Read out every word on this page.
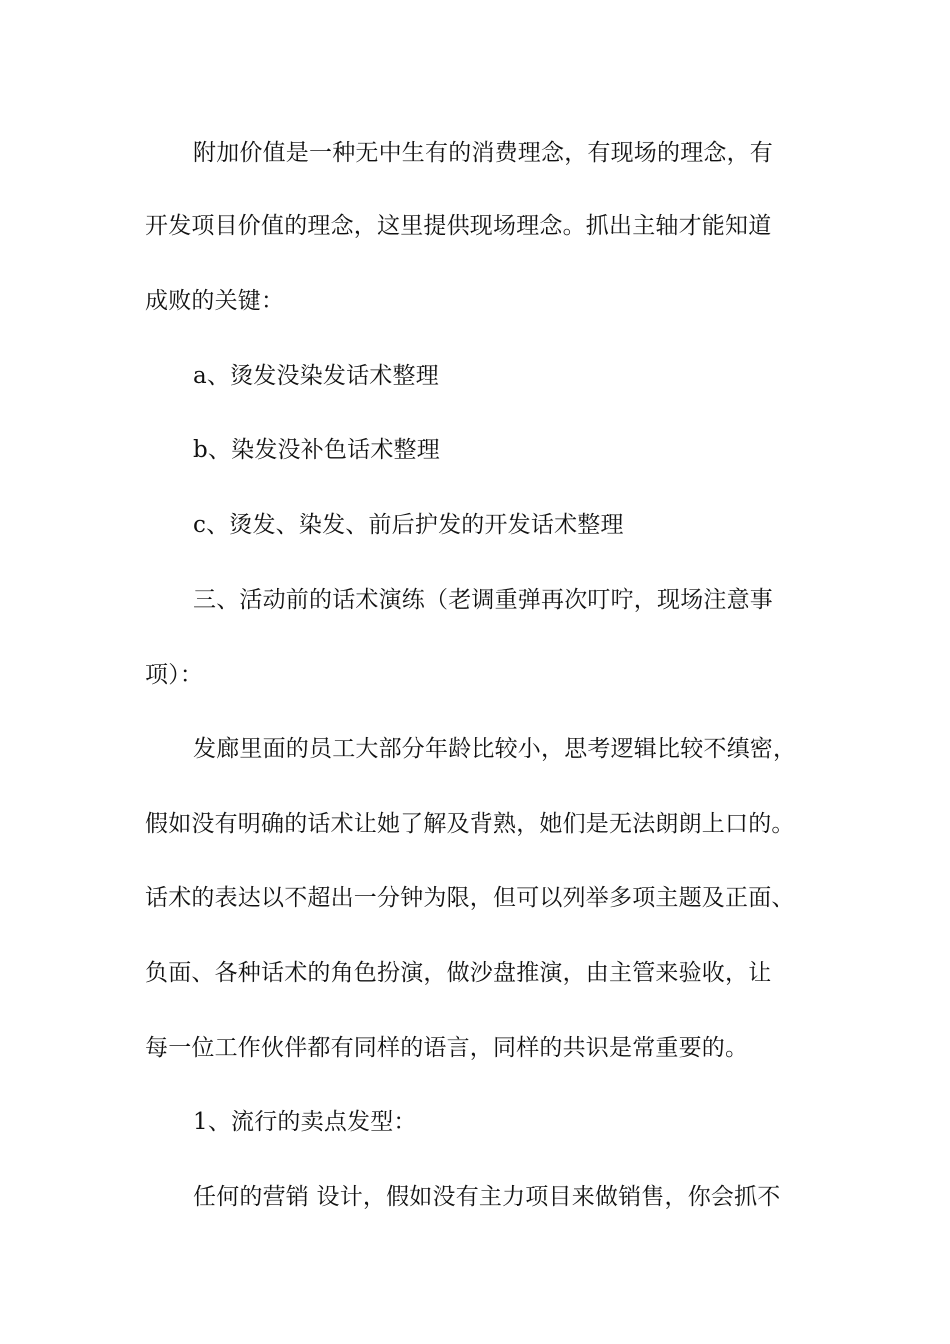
附加价值是一种无中生有的消费理念，有现场的理念，有
开发项目价值的理念，这里提供现场理念。抓出主轴才能知道
成败的关键：
a、烫发没染发话术整理
b、染发没补色话术整理
c、烫发、染发、前后护发的开发话术整理
三、活动前的话术演练（老调重弹再次叮咛，现场注意事
项）：
发廊里面的员工大部分年龄比较小，思考逻辑比较不缜密，
假如没有明确的话术让她了解及背熟，她们是无法朗朗上口的。
话术的表达以不超出一分钟为限，但可以列举多项主题及正面、
负面、各种话术的角色扮演，做沙盘推演，由主管来验收，让
每一位工作伙伴都有同样的语言，同样的共识是常重要的。
1、流行的卖点发型：
任何的营销 设计，假如没有主力项目来做销售，你会抓不
